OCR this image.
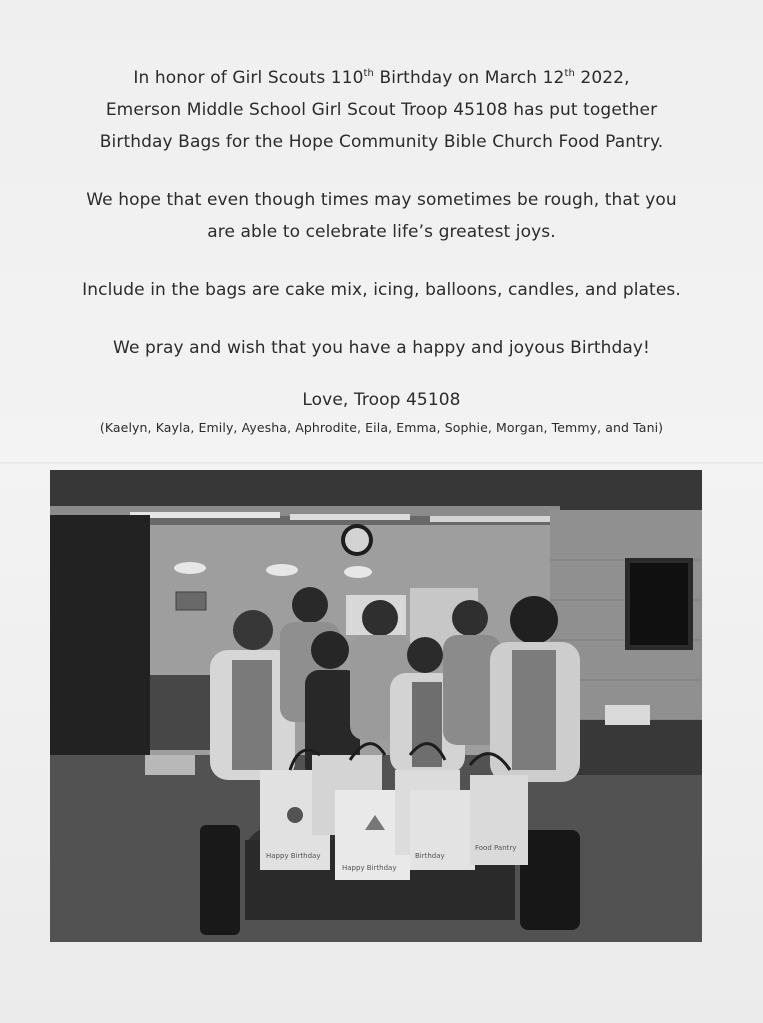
In honor of Girl Scouts 110th Birthday on March 12th 2022,

Emerson Middle School Girl Scout Troop 45108 has put together

Birthday Bags for the Hope Community Bible Church Food Pantry.

We hope that even though times may sometimes be rough, that you

are able to celebrate life’s greatest joys.

Include in the bags are cake mix, icing, balloons, candles, and plates.

We pray and wish that you have a happy and joyous Birthday!

Love, Troop 45108

(Kaelyn, Kayla, Emily, Ayesha, Aphrodite, Eila, Emma, Sophie, Morgan, Temmy, and Tani)

Happy Birthday
Happy Birthday
Birthday
Food Pantry
